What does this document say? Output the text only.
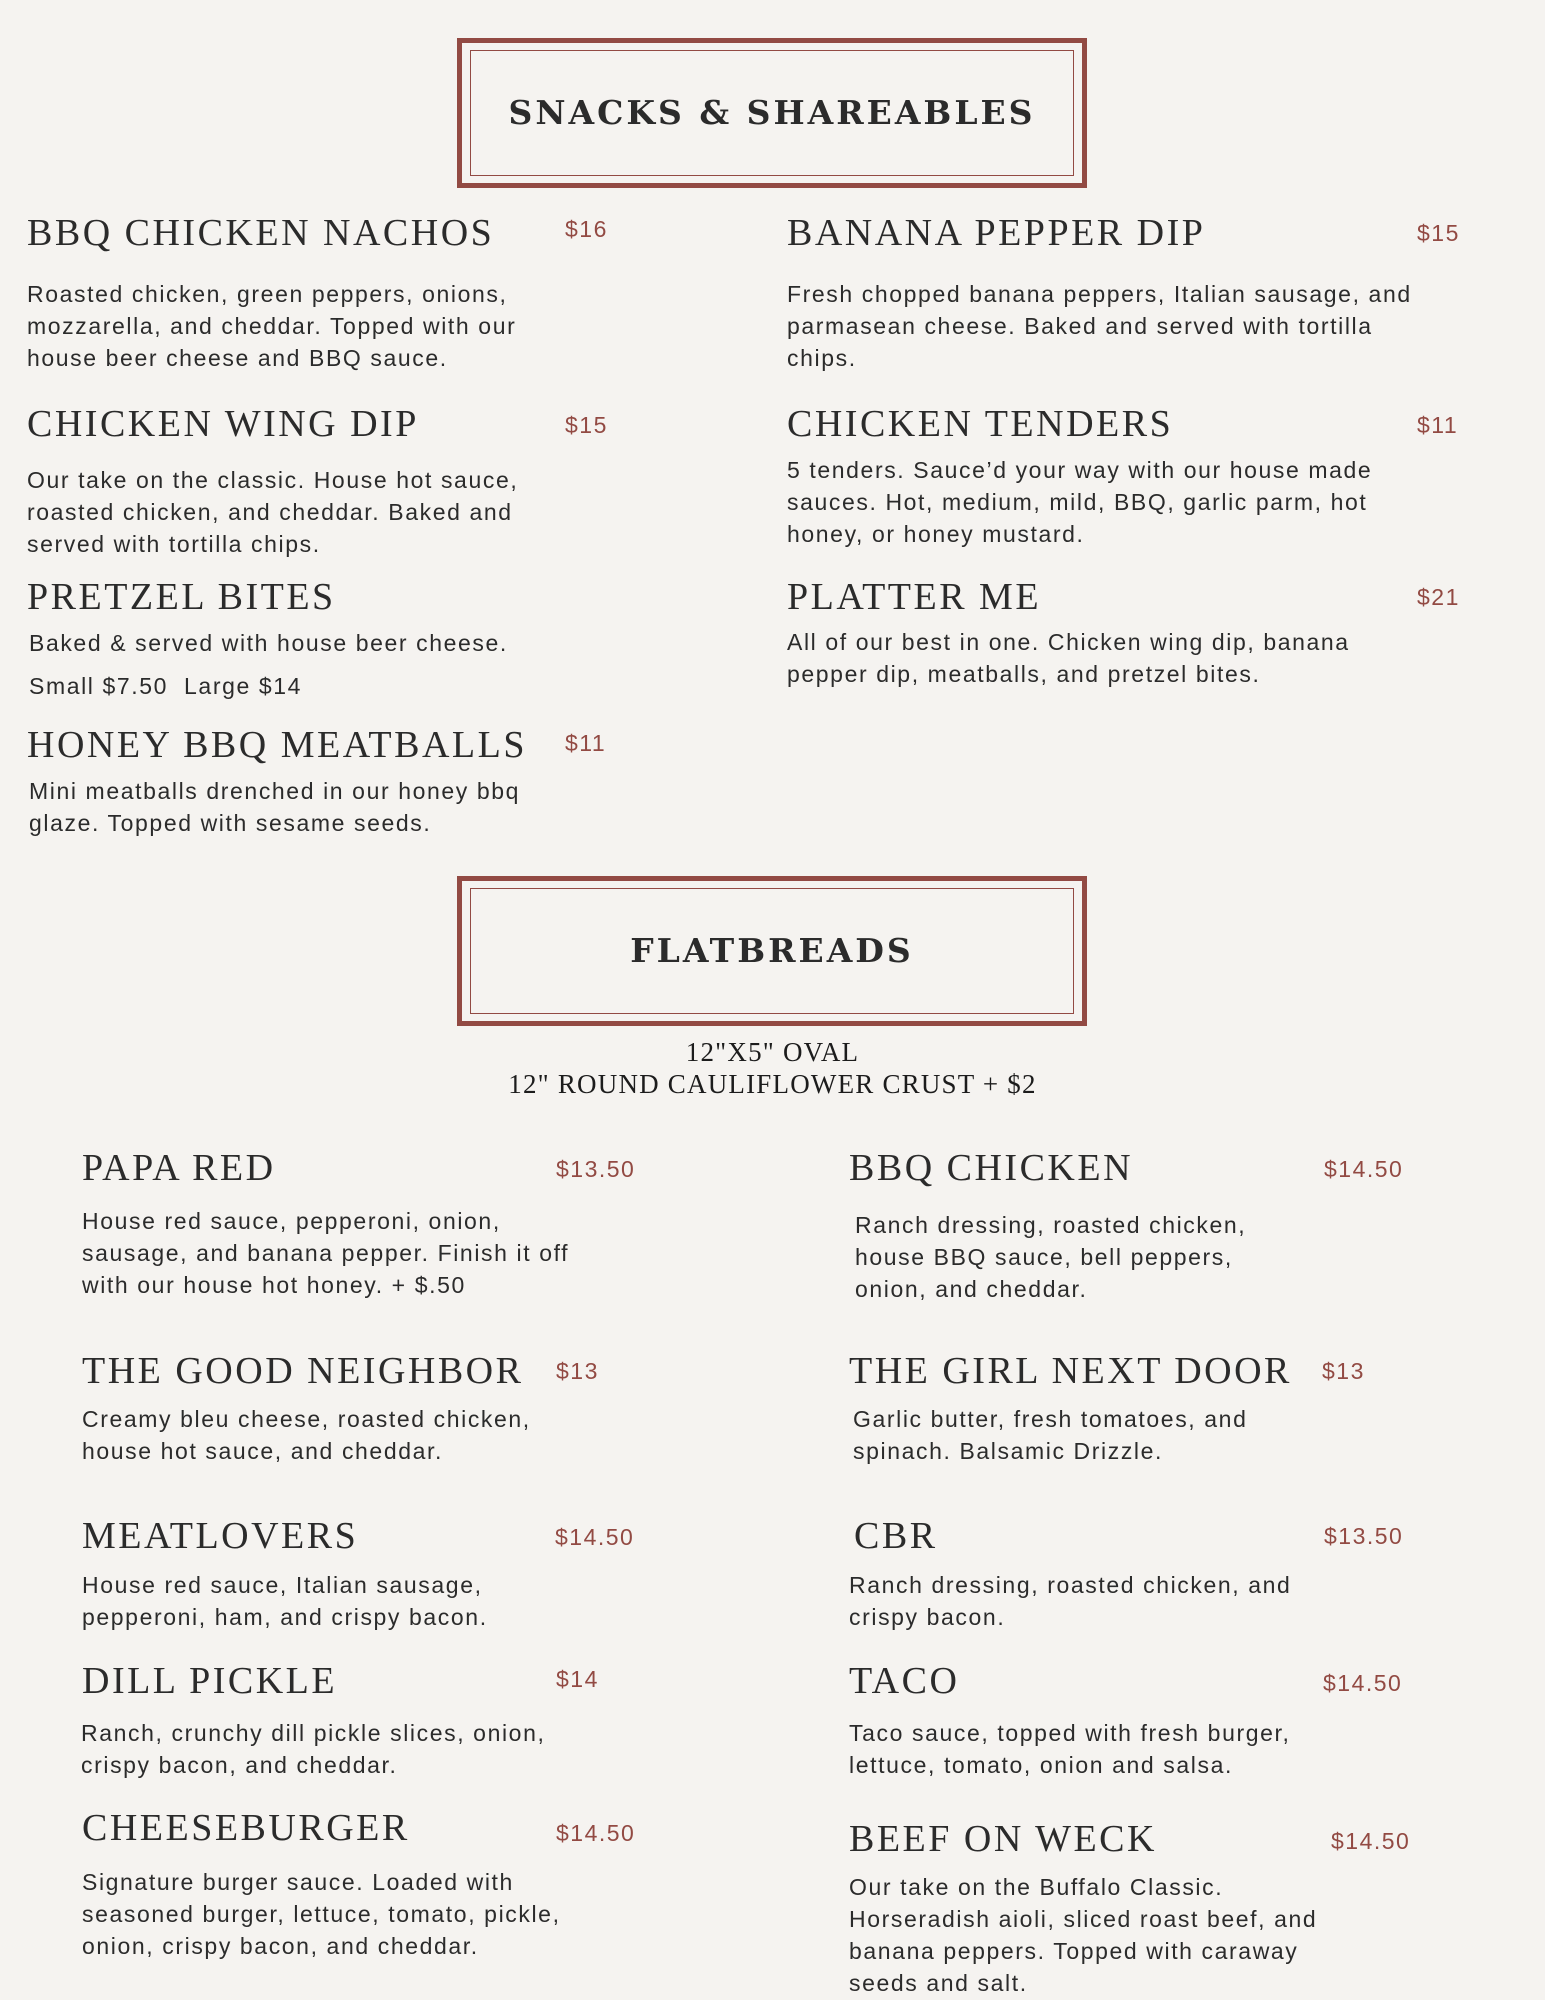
SNACKS & SHAREABLES
BBQ CHICKEN NACHOS	$16
Roasted chicken, green peppers, onions, mozzarella, and cheddar. Topped with our house beer cheese and BBQ sauce.
BANANA PEPPER DIP	$15
Fresh chopped banana peppers, Italian sausage, and parmasean cheese. Baked and served with tortilla chips.
CHICKEN WING DIP	$15
Our take on the classic. House hot sauce, roasted chicken, and cheddar. Baked and served with tortilla chips.
CHICKEN TENDERS	$11
5 tenders. Sauce’d your way with our house made sauces. Hot, medium, mild, BBQ, garlic parm, hot honey, or honey mustard.
PRETZEL BITES
Baked & served with house beer cheese.
Small $7.50  Large $14
PLATTER ME	$21
All of our best in one. Chicken wing dip, banana pepper dip, meatballs, and pretzel bites.
HONEY BBQ MEATBALLS $11
Mini meatballs drenched in our honey bbq glaze. Topped with sesame seeds.
FLATBREADS
12"X5" OVAL
12" ROUND CAULIFLOWER CRUST + $2
PAPA RED	$13.50
House red sauce, pepperoni, onion, sausage, and banana pepper. Finish it off with our house hot honey. + $.50
BBQ CHICKEN	$14.50
Ranch dressing, roasted chicken, house BBQ sauce, bell peppers, onion, and cheddar.
THE GOOD NEIGHBOR $13
Creamy bleu cheese, roasted chicken, house hot sauce, and cheddar.
THE GIRL NEXT DOOR $13
Garlic butter, fresh tomatoes, and spinach. Balsamic Drizzle.
MEATLOVERS	$14.50
House red sauce, Italian sausage, pepperoni, ham, and crispy bacon.
CBR	$13.50
Ranch dressing, roasted chicken, and crispy bacon.
DILL PICKLE	$14
Ranch, crunchy dill pickle slices, onion, crispy bacon, and cheddar.
TACO	$14.50
Taco sauce, topped with fresh burger, lettuce, tomato, onion and salsa.
CHEESEBURGER	$14.50
Signature burger sauce. Loaded with seasoned burger, lettuce, tomato, pickle, onion, crispy bacon, and cheddar.
BEEF ON WECK	$14.50
Our take on the Buffalo Classic. Horseradish aioli, sliced roast beef, and banana peppers. Topped with caraway seeds and salt.
